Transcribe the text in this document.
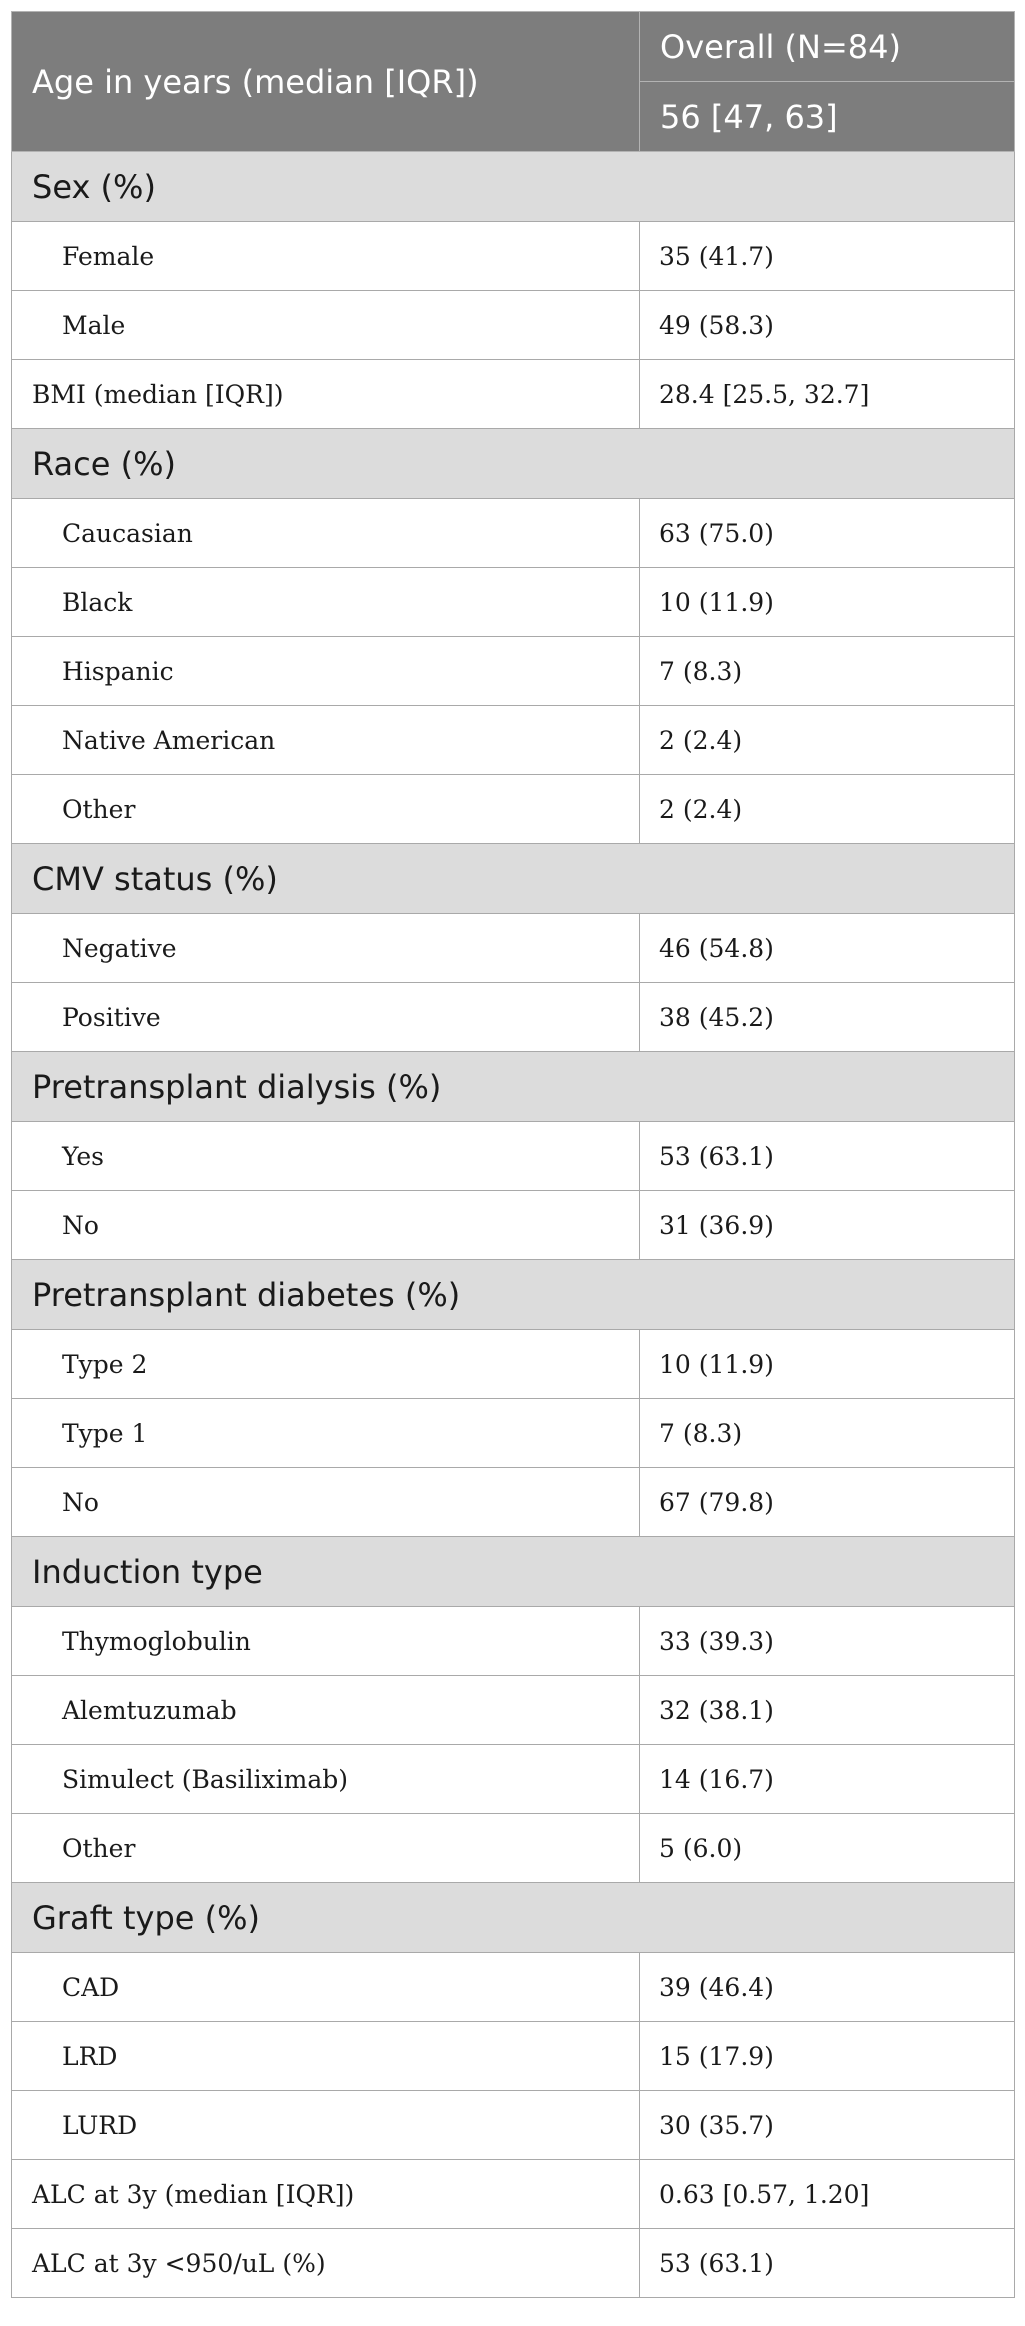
Age in years (median [IQR])	Overall (N=84)
	56 [47, 63]
Sex (%)	
Female	35 (41.7)
Male	49 (58.3)
BMI (median [IQR])	28.4 [25.5, 32.7]
Race (%)	
Caucasian	63 (75.0)
Black	10 (11.9)
Hispanic	7 (8.3)
Native American	2 (2.4)
Other	2 (2.4)
CMV status (%)	
Negative	46 (54.8)
Positive	38 (45.2)
Pretransplant dialysis (%)	
Yes	53 (63.1)
No	31 (36.9)
Pretransplant diabetes (%)	
Type 2	10 (11.9)
Type 1	7 (8.3)
No	67 (79.8)
Induction type	
Thymoglobulin	33 (39.3)
Alemtuzumab	32 (38.1)
Simulect (Basiliximab)	14 (16.7)
Other	5 (6.0)
Graft type (%)	
CAD	39 (46.4)
LRD	15 (17.9)
LURD	30 (35.7)
ALC at 3y (median [IQR])	0.63 [0.57, 1.20]
ALC at 3y <950/uL (%)	53 (63.1)
